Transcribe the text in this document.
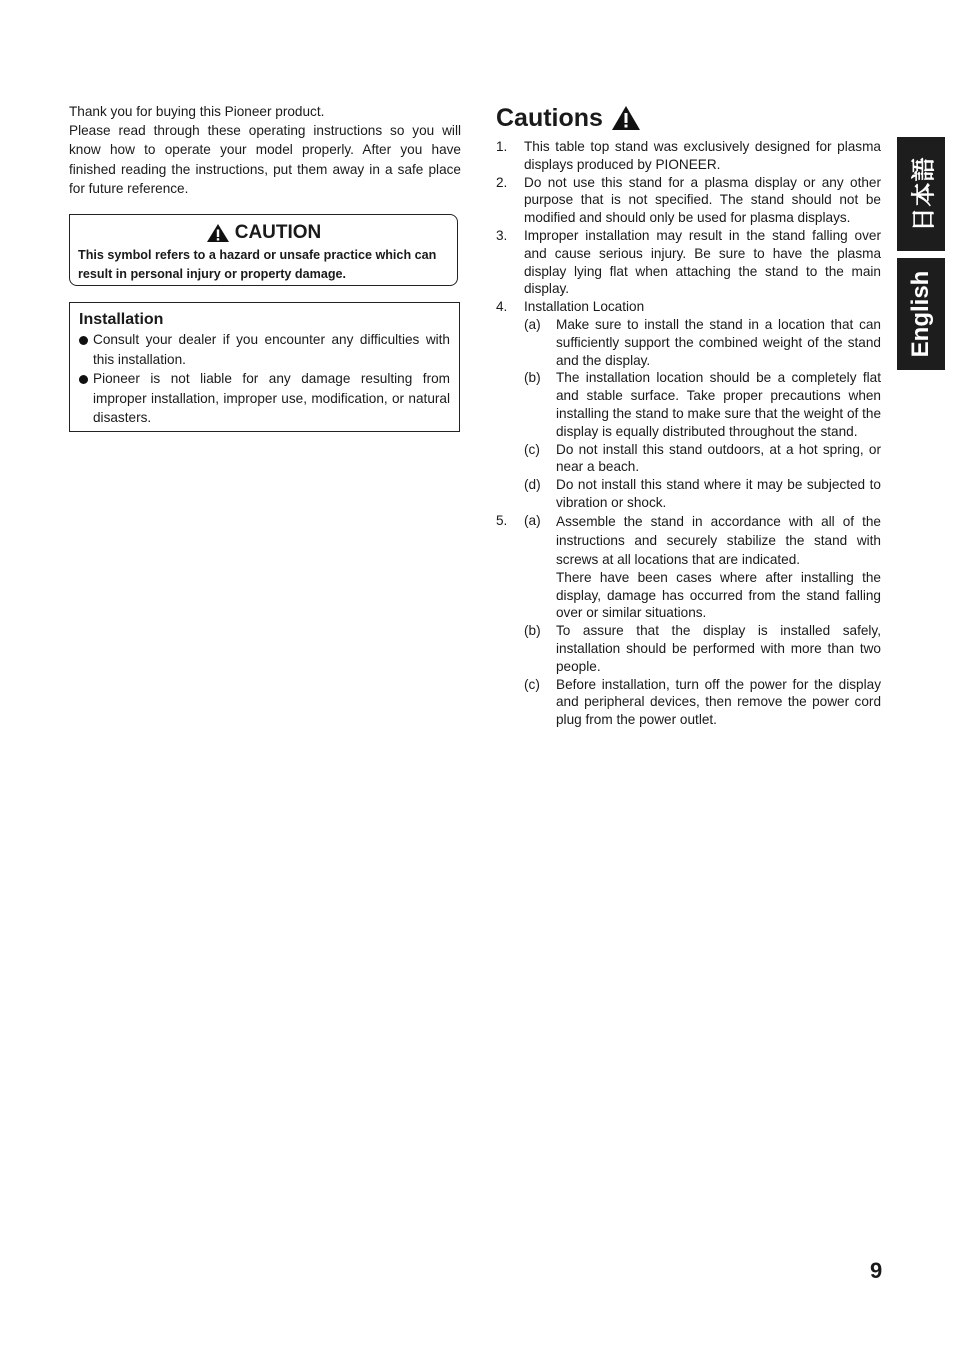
Thank you for buying this Pioneer product.

Please read through these operating instructions so you will know how to operate your model properly. After you have finished reading the instructions, put them away in a safe place for future reference.

CAUTION
This symbol refers to a hazard or unsafe practice which can result in personal injury or property damage.
Installation
Consult your dealer if you encounter any difficulties with this installation.
Pioneer is not liable for any damage resulting from improper installation, improper use, modification, or natural disasters.
Cautions
1. This table top stand was exclusively designed for plasma displays produced by PIONEER.
2. Do not use this stand for a plasma display or any other purpose that is not specified. The stand should not be modified and should only be used for plasma displays.
3. Improper installation may result in the stand falling over and cause serious injury. Be sure to have the plasma display lying flat when attaching the stand to the main display.
4. Installation Location
(a) Make sure to install the stand in a location that can sufficiently support the combined weight of the stand and the display.
(b) The installation location should be a completely flat and stable surface. Take proper precautions when installing the stand to make sure that the weight of the display is equally distributed throughout the stand.
(c) Do not install this stand outdoors, at a hot spring, or near a beach.
(d) Do not install this stand where it may be subjected to vibration or shock.
5. (a) Assemble the stand in accordance with all of the instructions and securely stabilize the stand with screws at all locations that are indicated.
There have been cases where after installing the display, damage has occurred from the stand falling over or similar situations.
(b) To assure that the display is installed safely, installation should be performed with more than two people.
(c) Before installation, turn off the power for the display and peripheral devices, then remove the power cord plug from the power outlet.
日本語
English
9
